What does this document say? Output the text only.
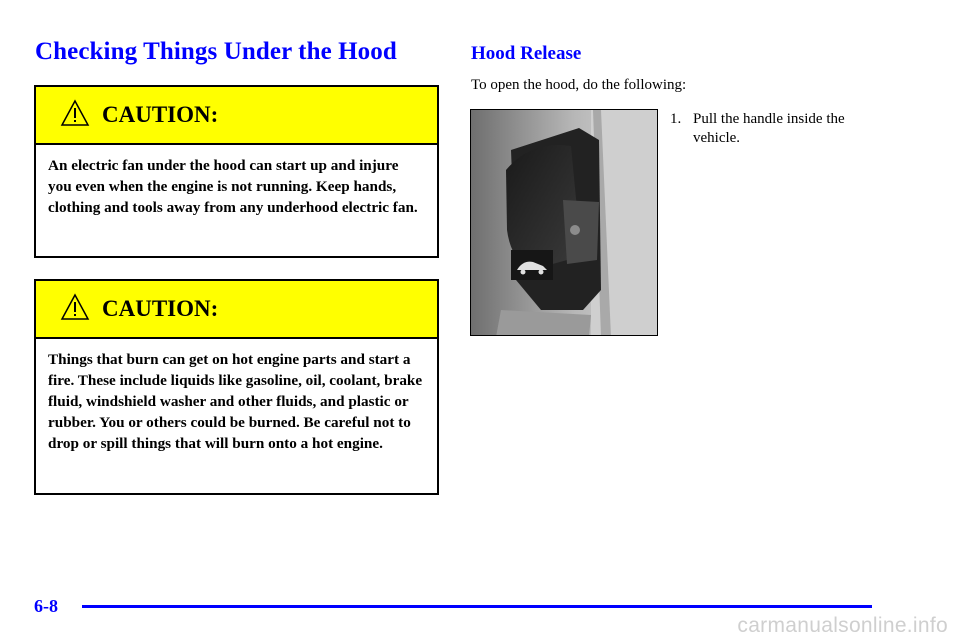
Checking Things Under the Hood
CAUTION:
An electric fan under the hood can start up and injure you even when the engine is not running. Keep hands, clothing and tools away from any underhood electric fan.
CAUTION:
Things that burn can get on hot engine parts and start a fire. These include liquids like gasoline, oil, coolant, brake fluid, windshield washer and other fluids, and plastic or rubber. You or others could be burned. Be careful not to drop or spill things that will burn onto a hot engine.
Hood Release
To open the hood, do the following:
1. Pull the handle inside the vehicle.
6-8
carmanualsonline.info
